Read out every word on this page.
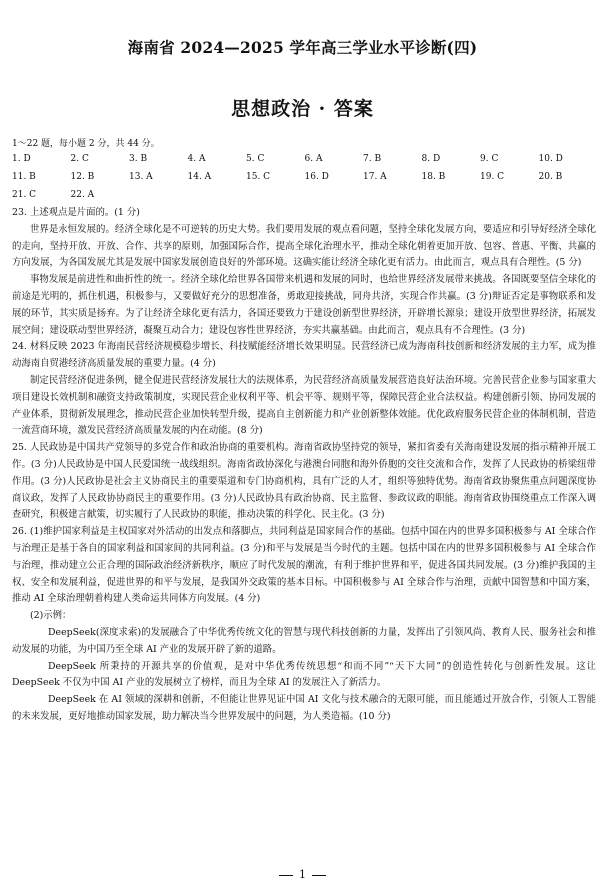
海南省 2024—2025 学年高三学业水平诊断(四)
思想政治 · 答案
1～22 题，每小题 2 分，共 44 分。
1. D	2. C	3. B	4. A	5. C	6. A	7. B	8. D	9. C	10. D
11. B	12. B	13. A	14. A	15. C	16. D	17. A	18. B	19. C	20. B
21. C	22. A

23. 上述观点是片面的。(1 分)

世界是永恒发展的。经济全球化是不可逆转的历史大势。我们要用发展的观点看问题，坚持全球化发展方向，要适应和引导好经济全球化的走向，坚持开放、开放、合作、共享的原则，加强国际合作，提高全球化治理水平，推动全球化朝着更加开放、包容、普惠、平衡、共赢的方向发展，为各国发展尤其是发展中国家发展创造良好的外部环境。这确实能让经济全球化更有活力。由此而言，观点具有合理性。(5 分)

事物发展是前进性和曲折性的统一。经济全球化给世界各国带来机遇和发展的同时，也给世界经济发展带来挑战。各国既要坚信全球化的前途是光明的，抓住机遇，积极参与，又要做好充分的思想准备，勇敢迎接挑战，同舟共济，实现合作共赢。(3 分)辩证否定是事物联系和发展的环节，其实质是扬弃。为了让经济全球化更有活力，各国还要致力于建设创新型世界经济，开辟增长源泉；建设开放型世界经济，拓展发展空间；建设联动型世界经济，凝聚互动合力；建设包容性世界经济，夯实共赢基础。由此而言，观点具有不合理性。(3 分)

24. 材料反映 2023 年海南民营经济规模稳步增长、科技赋能经济增长效果明显。民营经济已成为海南科技创新和经济发展的主力军，成为推动海南自贸港经济高质量发展的重要力量。(4 分)

制定民营经济促进条例，健全促进民营经济发展壮大的法规体系，为民营经济高质量发展营造良好法治环境。完善民营企业参与国家重大项目建设长效机制和融资支持政策制度，实现民营企业权利平等、机会平等、规则平等，保障民营企业合法权益。构建创新引领、协同发展的产业体系，贯彻新发展理念，推动民营企业加快转型升级，提高自主创新能力和产业创新整体效能。优化政府服务民营企业的体制机制，营造一流营商环境，激发民营经济高质量发展的内在动能。(8 分)

25. 人民政协是中国共产党领导的多党合作和政治协商的重要机构。海南省政协坚持党的领导，紧扣省委有关海南建设发展的指示精神开展工作。(3 分)人民政协是中国人民爱国统一战线组织。海南省政协深化与港澳台同胞和海外侨胞的交往交流和合作，发挥了人民政协的桥梁纽带作用。(3 分)人民政协是社会主义协商民主的重要渠道和专门协商机构，具有广泛的人才，组织等独特优势。海南省政协聚焦重点问题深度协商议政，发挥了人民政协协商民主的重要作用。(3 分)人民政协具有政治协商、民主监督、参政议政的职能。海南省政协围绕重点工作深入调查研究，积极建言献策，切实履行了人民政协的职能，推动决策的科学化、民主化。(3 分)

26. (1)维护国家利益是主权国家对外活动的出发点和落脚点，共同利益是国家间合作的基础。包括中国在内的世界多国积极参与 AI 全球合作与治理正是基于各自的国家利益和国家间的共同利益。(3 分)和平与发展是当今时代的主题。包括中国在内的世界多国积极参与 AI 全球合作与治理，推动建立公正合理的国际政治经济新秩序，顺应了时代发展的潮流，有利于维护世界和平，促进各国共同发展。(3 分)维护我国的主权、安全和发展利益，促进世界的和平与发展，是我国外交政策的基本目标。中国积极参与 AI 全球合作与治理，贡献中国智慧和中国方案，推动 AI 全球治理朝着构建人类命运共同体方向发展。(4 分)

(2)示例：

DeepSeek(深度求索)的发展融合了中华优秀传统文化的智慧与现代科技创新的力量，发挥出了引领风尚、教育人民、服务社会和推动发展的功能，为中国乃至全球 AI 产业的发展开辟了新的道路。

DeepSeek 所秉持的开源共享的价值观，是对中华优秀传统思想“和而不同”“天下大同”的创造性转化与创新性发展。这让 DeepSeek 不仅为中国 AI 产业的发展树立了榜样，而且为全球 AI 的发展注入了新活力。

DeepSeek 在 AI 领域的深耕和创新，不但能让世界见证中国 AI 文化与技术融合的无限可能，而且能通过开放合作，引领人工智能的未来发展，更好地推动国家发展，助力解决当今世界发展中的问题，为人类造福。(10 分)

1
